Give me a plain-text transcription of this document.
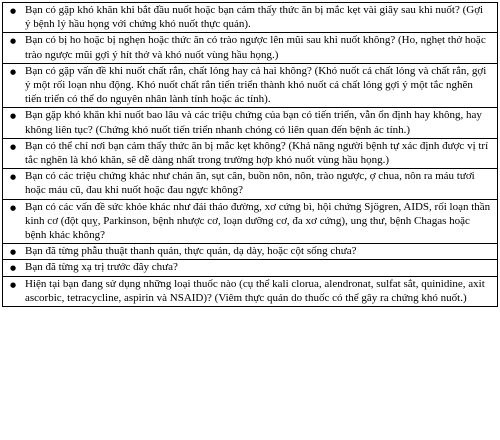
●	Bạn có gặp khó khăn khi bắt đầu nuốt hoặc bạn cảm thấy thức ăn bị mắc kẹt vài giây sau khi nuốt? (Gợi ý bệnh lý hầu họng với chứng khó nuốt thực quản).
●	Bạn có bị ho hoặc bị nghẹn hoặc thức ăn có trào ngược lên mũi sau khi nuốt không? (Ho, nghẹt thở hoặc trào ngược mũi gợi ý hít thở và khó nuốt vùng hầu họng.)
●	Bạn có gặp vấn đề khi nuốt chất rắn, chất lỏng hay cả hai không? (Khó nuốt cả chất lỏng và chất rắn, gợi ý một rối loạn nhu động. Khó nuốt chất rắn tiến triển thành khó nuốt cả chất lỏng gợi ý một tắc nghẽn tiến triển có thể do nguyên nhân lành tính hoặc ác tính).
●	Bạn gặp khó khăn khi nuốt bao lâu và các triệu chứng của bạn có tiến triển, vẫn ổn định hay không, hay không liên tục? (Chứng khó nuốt tiến triển nhanh chóng có liên quan đến bệnh ác tính.)
●	Bạn có thể chỉ nơi bạn cảm thấy thức ăn bị mắc kẹt không? (Khả năng người bệnh tự xác định được vị trí tắc nghẽn là khó khăn, sẽ dễ dàng nhất trong trường hợp khó nuốt vùng hầu họng.)
●	Bạn có các triệu chứng khác như chán ăn, sụt cân, buồn nôn, nôn, trào ngược, ợ chua, nôn ra máu tươi hoặc máu cũ, đau khi nuốt hoặc đau ngực không?
●	Bạn có các vấn đề sức khỏe khác như đái tháo đường, xơ cứng bì, hội chứng Sjögren, AIDS, rối loạn thần kinh cơ (đột quỵ, Parkinson, bệnh nhược cơ, loạn dưỡng cơ, đa xơ cứng), ung thư, bệnh Chagas hoặc bệnh khác không?
●	Bạn đã từng phẫu thuật thanh quản, thực quản, dạ dày, hoặc cột sống chưa?
●	Bạn đã từng xạ trị trước đây chưa?
●	Hiện tại bạn đang sử dụng những loại thuốc nào (cụ thể kali clorua, alendronat, sulfat sắt, quinidine, axit ascorbic, tetracycline, aspirin và NSAID)? (Viêm thực quản do thuốc có thể gây ra chứng khó nuốt.)
